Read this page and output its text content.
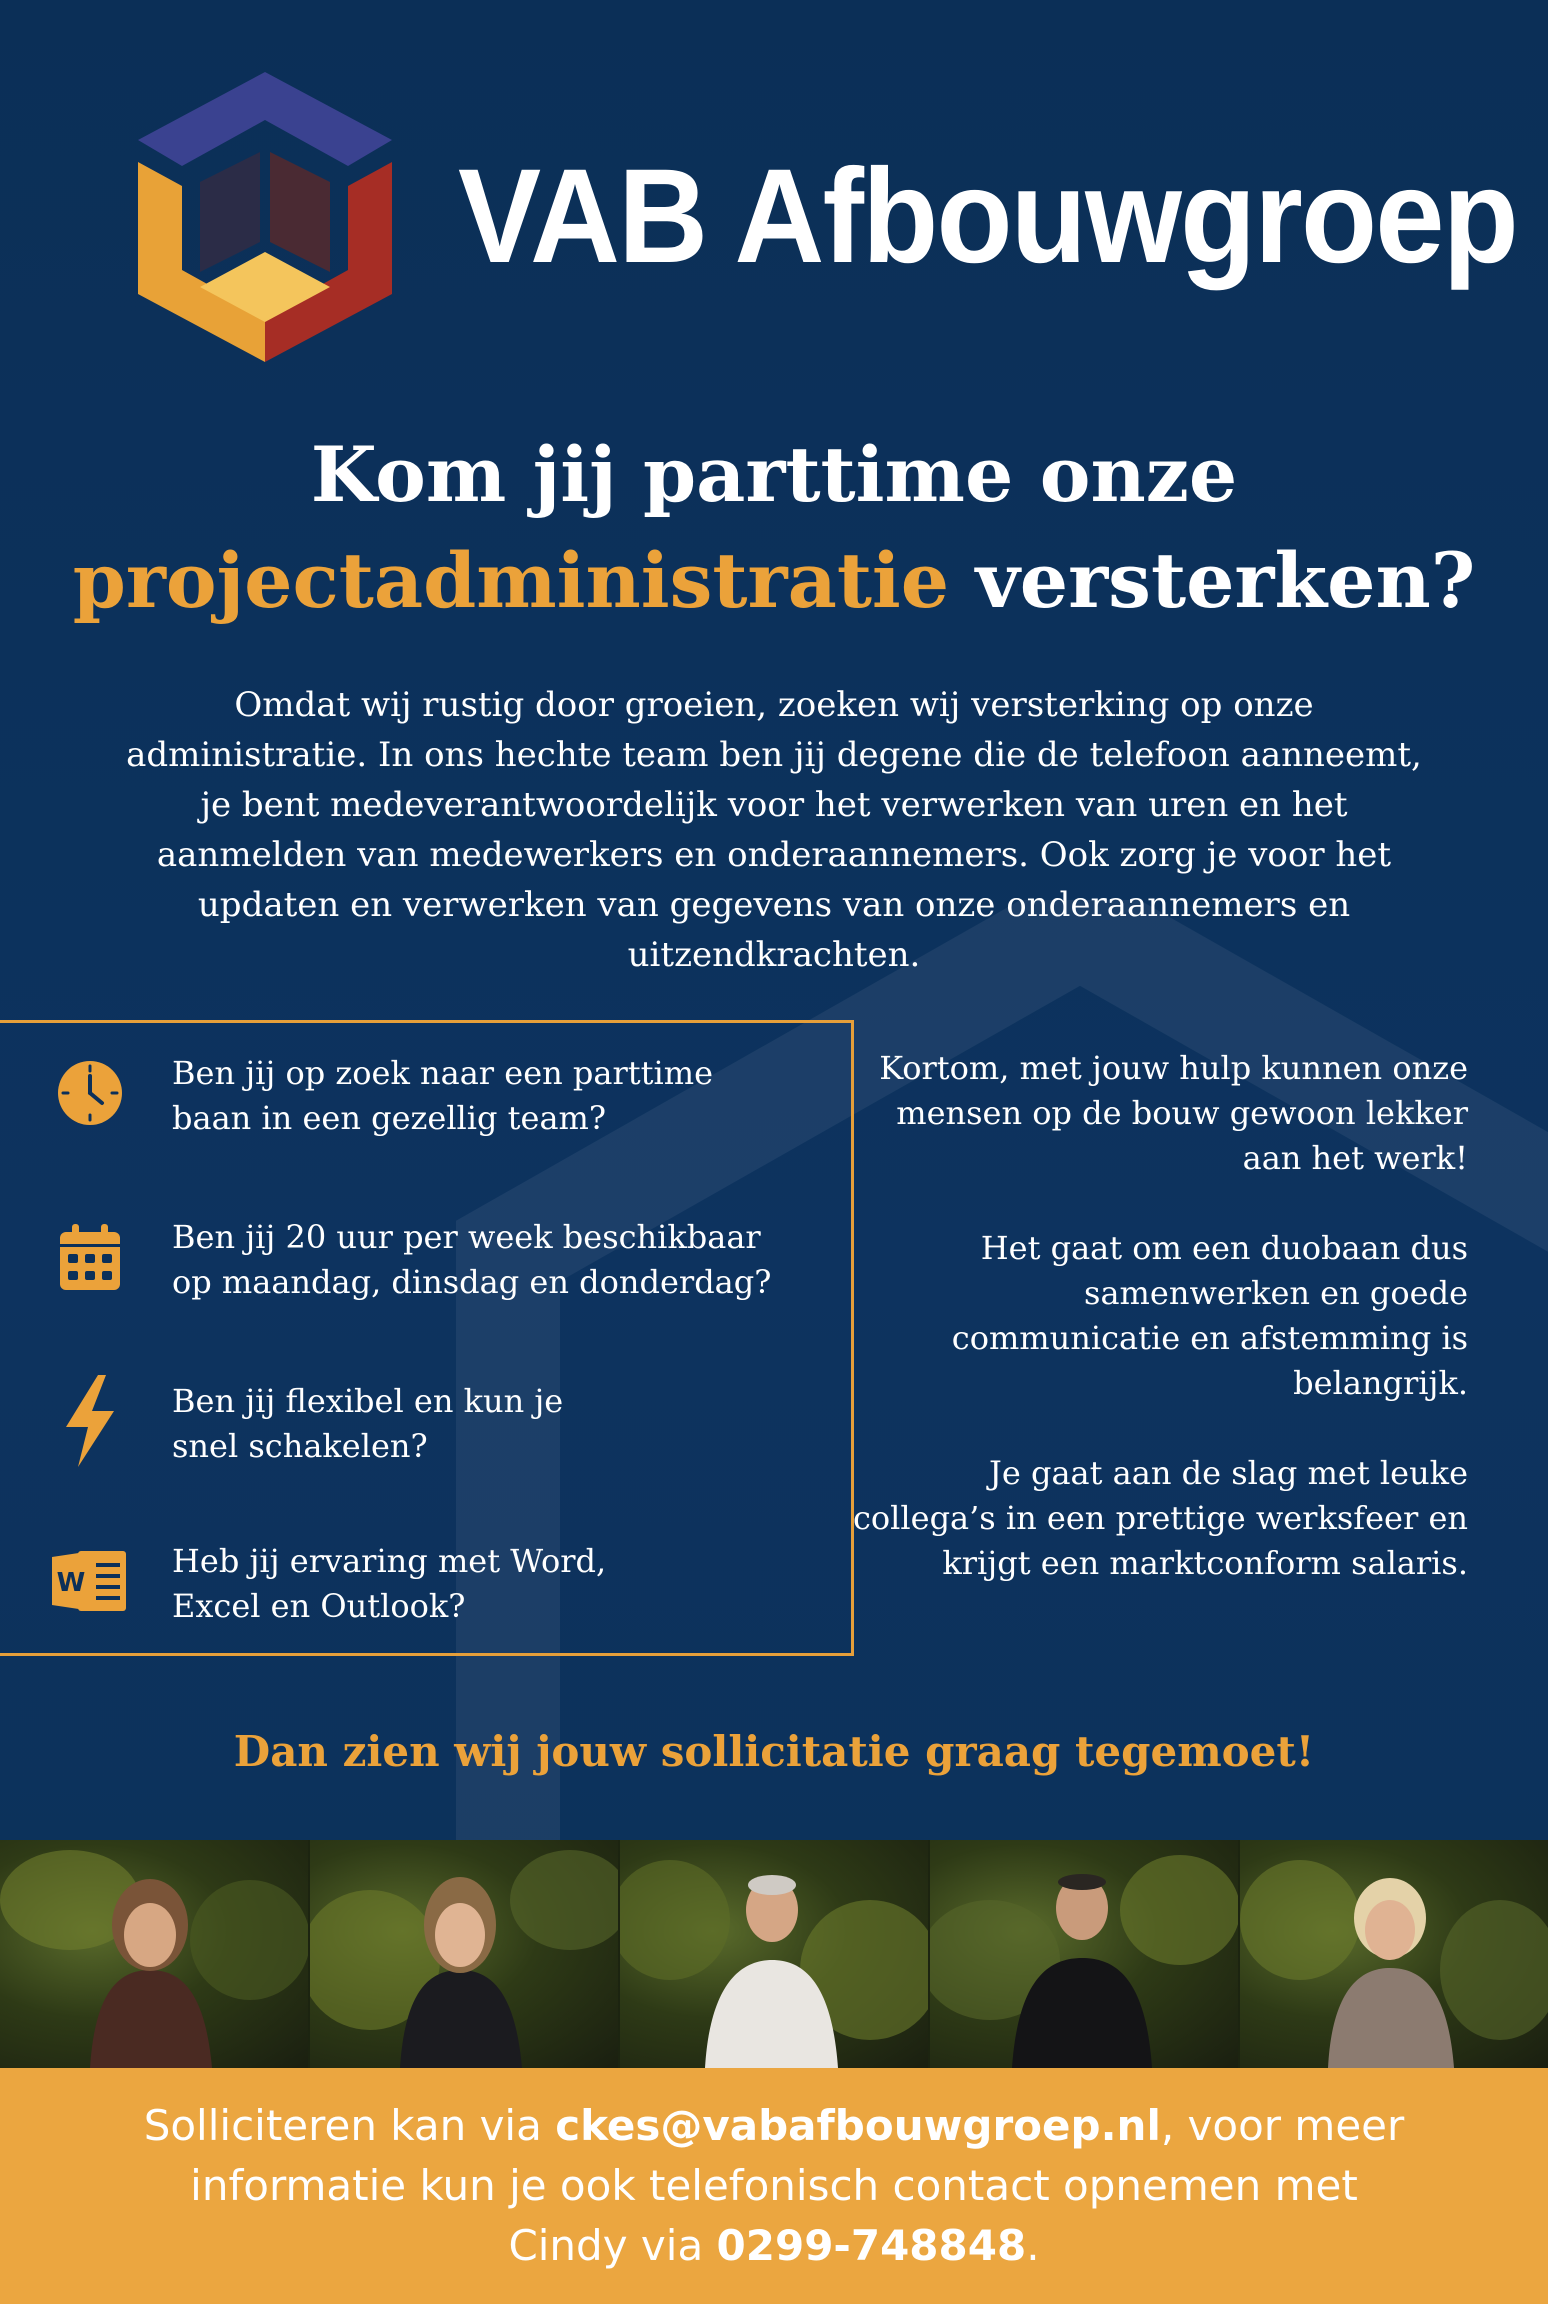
VAB Afbouwgroep
Kom jij parttime onze
projectadministratie versterken?
Omdat wij rustig door groeien, zoeken wij versterking op onze administratie. In ons hechte team ben jij degene die de telefoon aanneemt, je bent medeverantwoordelijk voor het verwerken van uren en het aanmelden van medewerkers en onderaannemers. Ook zorg je voor het updaten en verwerken van gegevens van onze onderaannemers en uitzendkrachten.
Ben jij op zoek naar een parttime
baan in een gezellig team?
Ben jij 20 uur per week beschikbaar
op maandag, dinsdag en donderdag?
Ben jij flexibel en kun je
snel schakelen?
W
Heb jij ervaring met Word,
Excel en Outlook?

Kortom, met jouw hulp kunnen onze mensen op de bouw gewoon lekker aan het werk!

Het gaat om een duobaan dus samenwerken en goede communicatie en afstemming is belangrijk.

Je gaat aan de slag met leuke collega’s in een prettige werksfeer en krijgt een marktconform salaris.

Dan zien wij jouw sollicitatie graag tegemoet!
Solliciteren kan via ckes@vabafbouwgroep.nl, voor meer informatie kun je ook telefonisch contact opnemen met Cindy via 0299-748848.
